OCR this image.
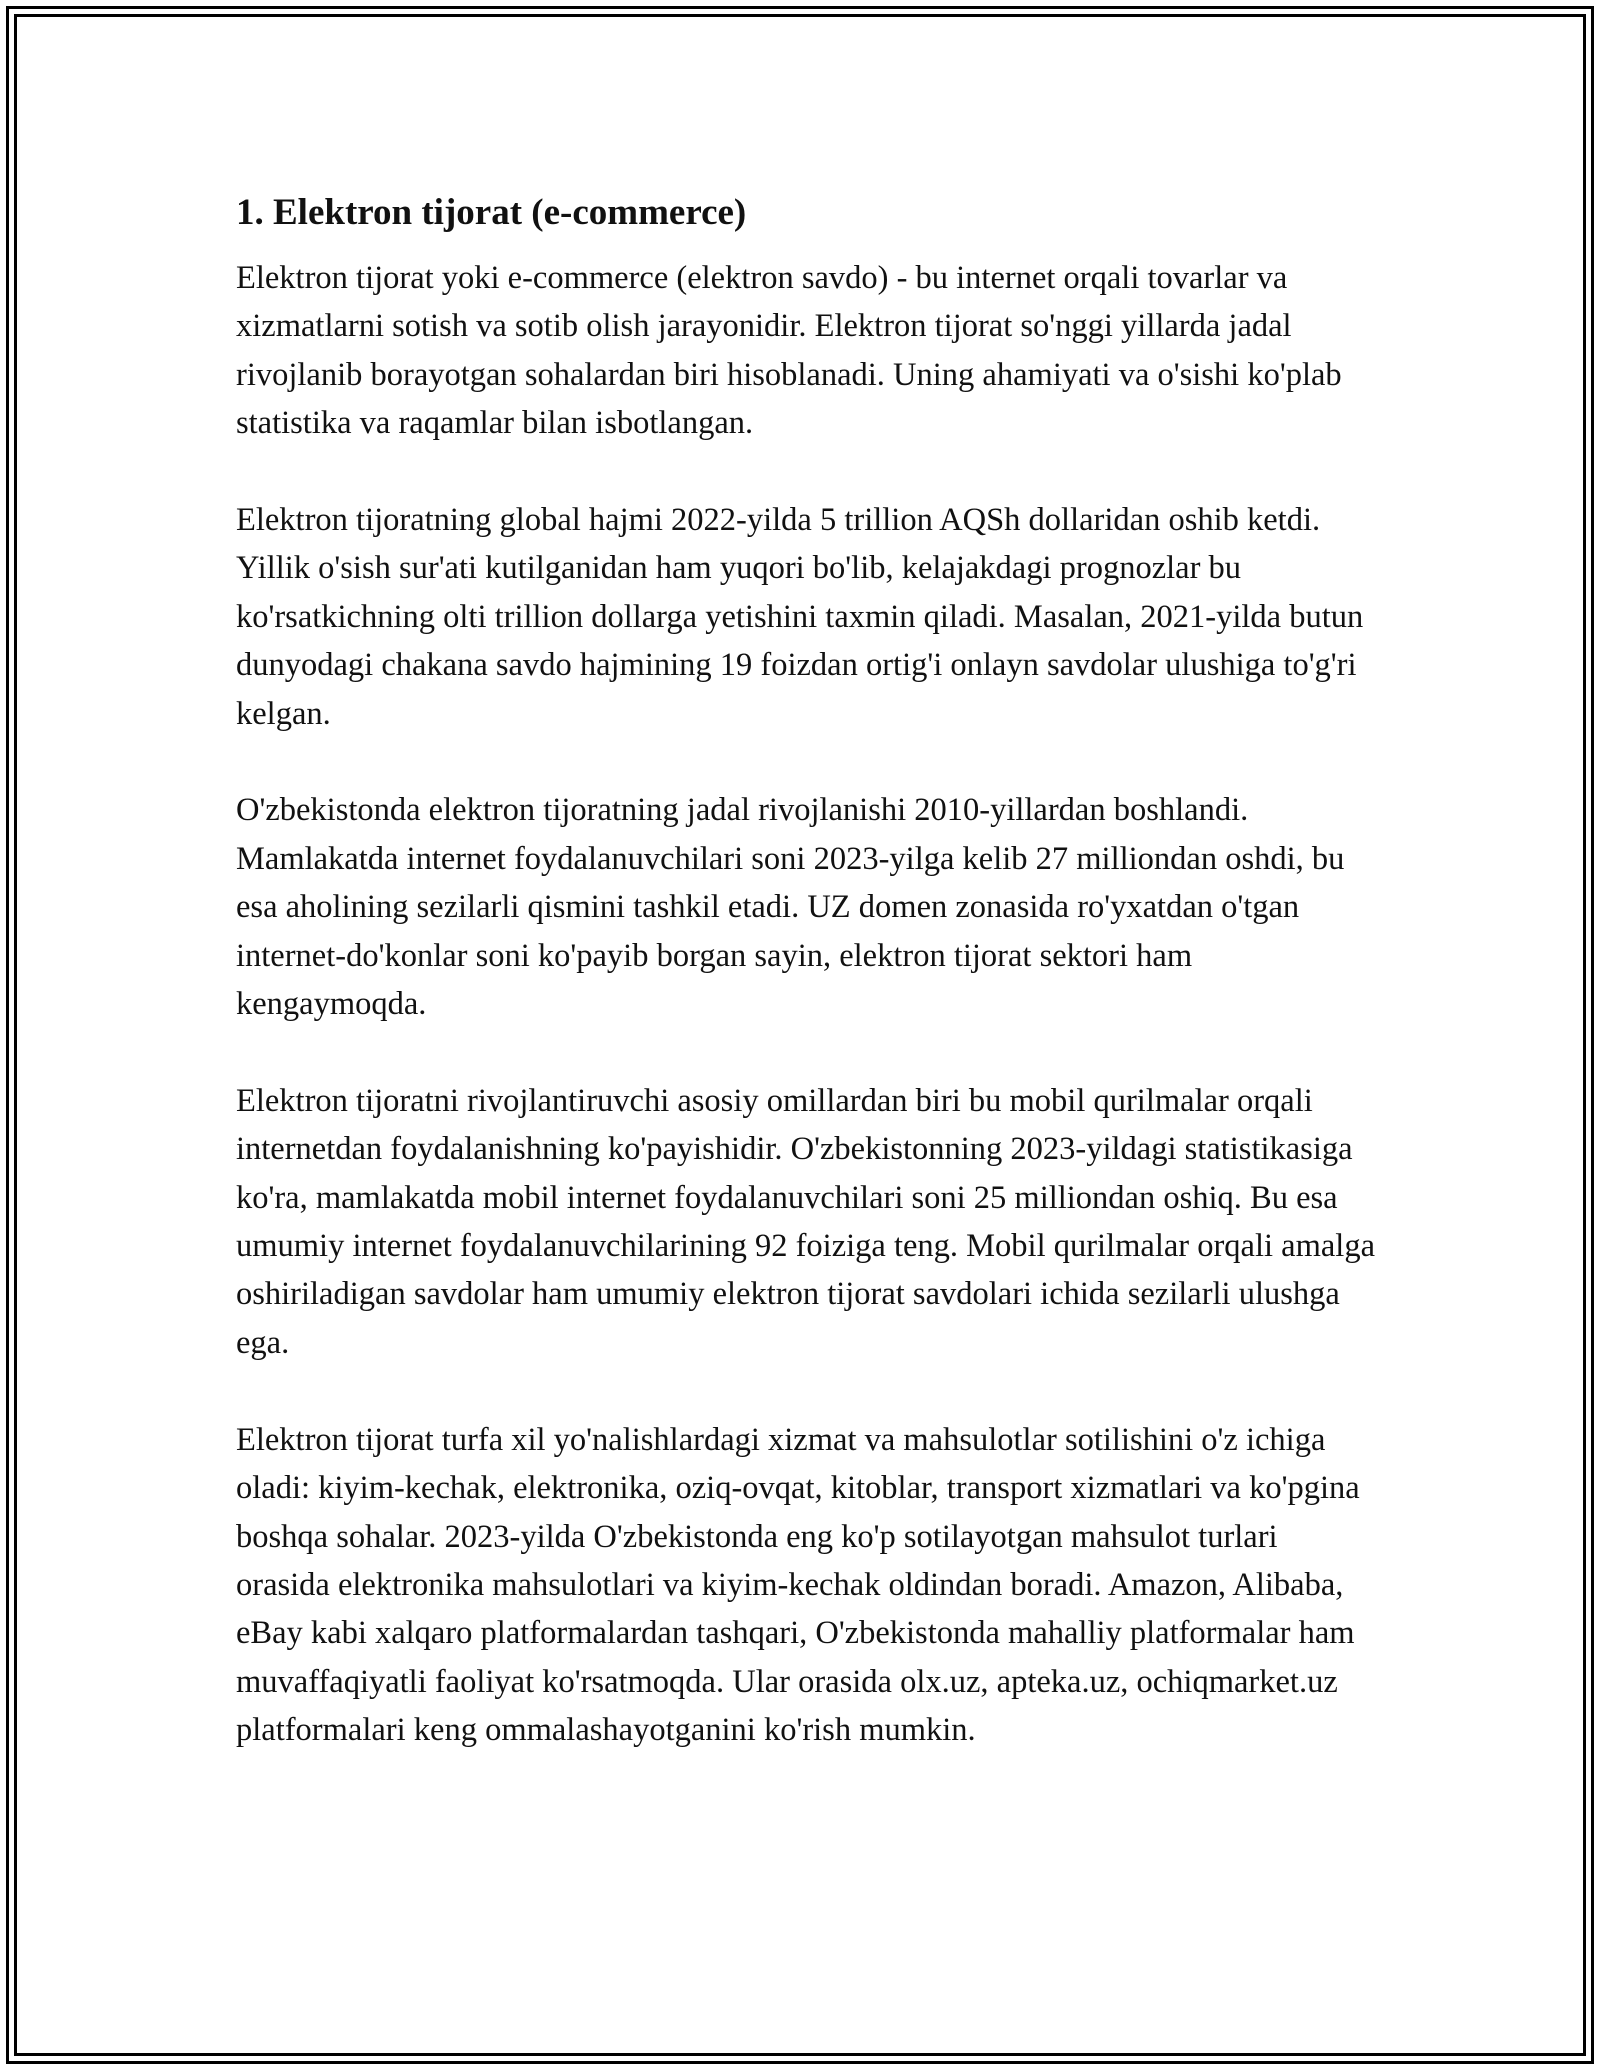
1. Elektron tijorat (e-commerce)

Elektron tijorat yoki e-commerce (elektron savdo) - bu internet orqali tovarlar va xizmatlarni sotish va sotib olish jarayonidir. Elektron tijorat so'nggi yillarda jadal rivojlanib borayotgan sohalardan biri hisoblanadi. Uning ahamiyati va o'sishi ko'plab statistika va raqamlar bilan isbotlangan.

Elektron tijoratning global hajmi 2022-yilda 5 trillion AQSh dollaridan oshib ketdi. Yillik o'sish sur'ati kutilganidan ham yuqori bo'lib, kelajakdagi prognozlar bu ko'rsatkichning olti trillion dollarga yetishini taxmin qiladi. Masalan, 2021-yilda butun dunyodagi chakana savdo hajmining 19 foizdan ortig'i onlayn savdolar ulushiga to'g'ri kelgan.

O'zbekistonda elektron tijoratning jadal rivojlanishi 2010-yillardan boshlandi. Mamlakatda internet foydalanuvchilari soni 2023-yilga kelib 27 milliondan oshdi, bu esa aholining sezilarli qismini tashkil etadi. UZ domen zonasida ro'yxatdan o'tgan internet-do'konlar soni ko'payib borgan sayin, elektron tijorat sektori ham kengaymoqda.

Elektron tijoratni rivojlantiruvchi asosiy omillardan biri bu mobil qurilmalar orqali internetdan foydalanishning ko'payishidir. O'zbekistonning 2023-yildagi statistikasiga ko'ra, mamlakatda mobil internet foydalanuvchilari soni 25 milliondan oshiq. Bu esa umumiy internet foydalanuvchilarining 92 foiziga teng. Mobil qurilmalar orqali amalga oshiriladigan savdolar ham umumiy elektron tijorat savdolari ichida sezilarli ulushga ega.

Elektron tijorat turfa xil yo'nalishlardagi xizmat va mahsulotlar sotilishini o'z ichiga oladi: kiyim-kechak, elektronika, oziq-ovqat, kitoblar, transport xizmatlari va ko'pgina boshqa sohalar. 2023-yilda O'zbekistonda eng ko'p sotilayotgan mahsulot turlari orasida elektronika mahsulotlari va kiyim-kechak oldindan boradi. Amazon, Alibaba, eBay kabi xalqaro platformalardan tashqari, O'zbekistonda mahalliy platformalar ham muvaffaqiyatli faoliyat ko'rsatmoqda. Ular orasida olx.uz, apteka.uz, ochiqmarket.uz platformalari keng ommalashayotganini ko'rish mumkin.
